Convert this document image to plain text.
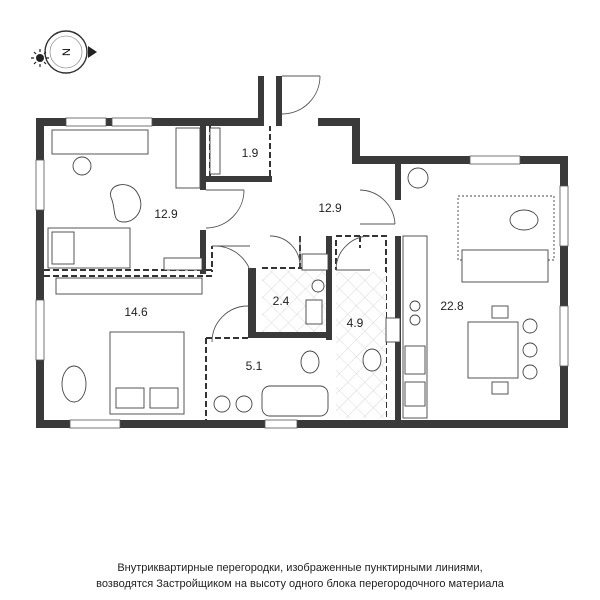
N
12.9
1.9
12.9
14.6
2.4
4.9
5.1
22.8
Внутриквартирные перегородки, изображенные пунктирными линиями,
возводятся Застройщиком на высоту одного блока перегородочного материала
